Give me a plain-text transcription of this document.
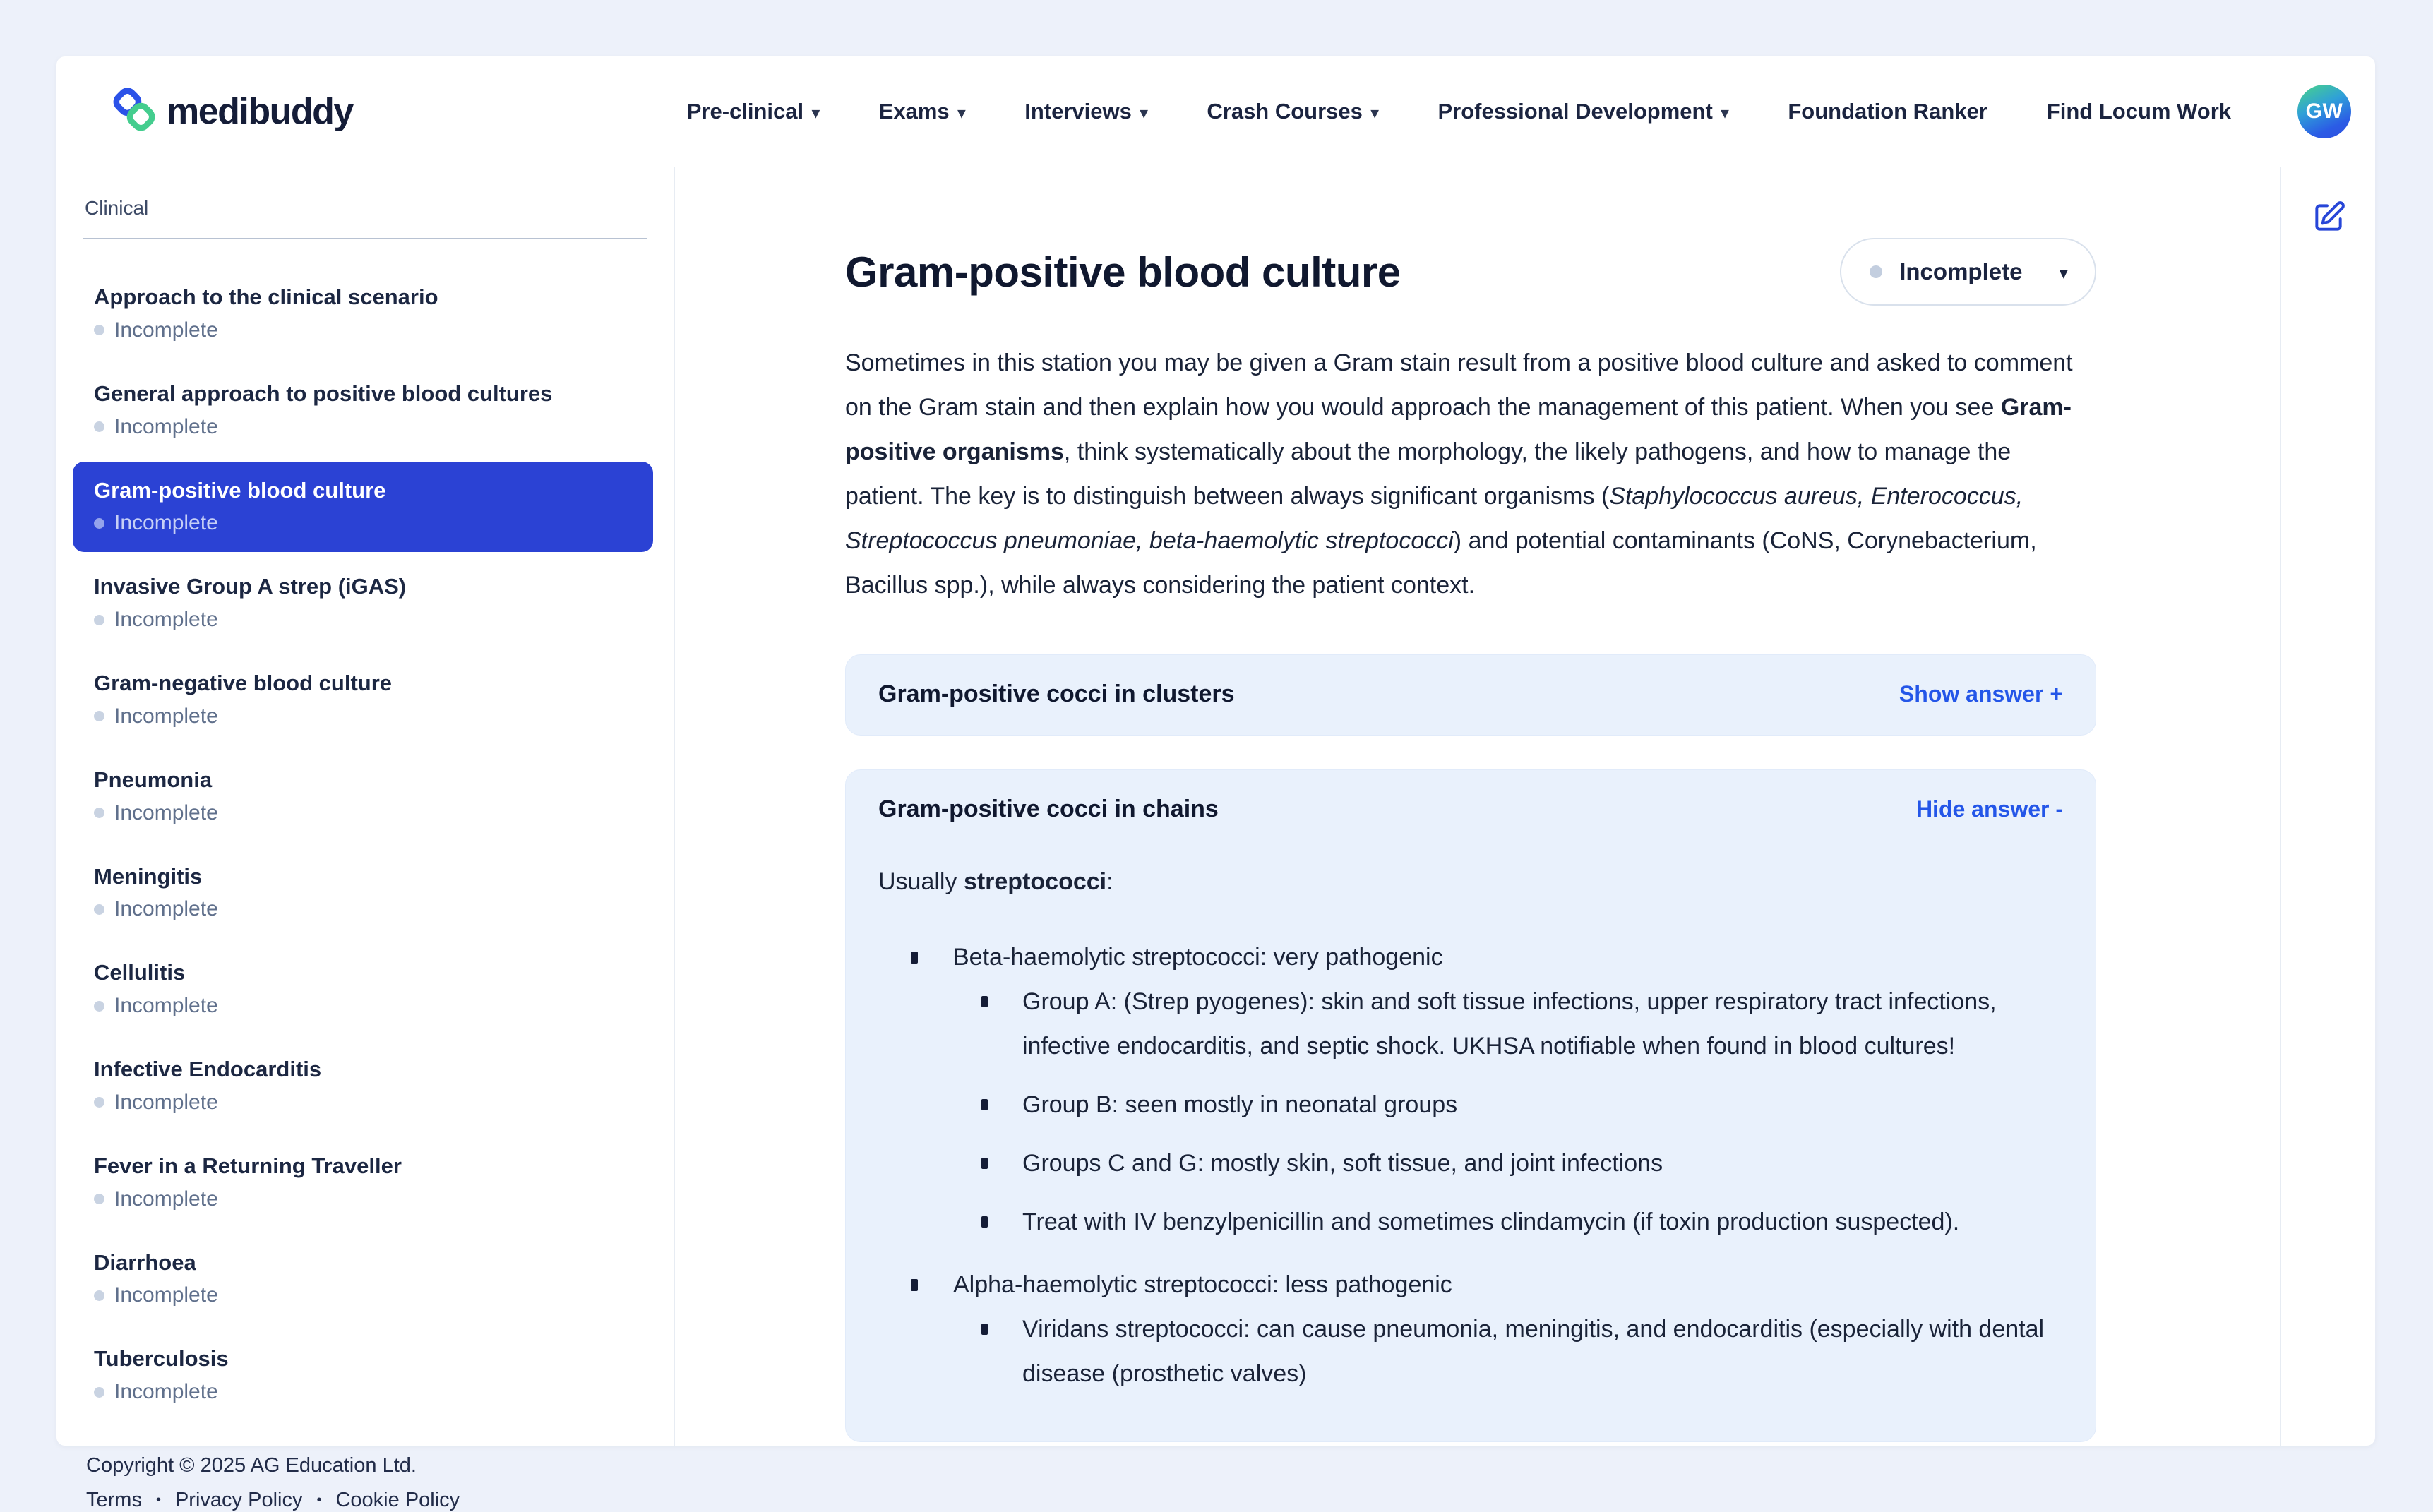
medibuddy	Pre-clinical ▾	Exams ▾	Interviews ▾	Crash Courses ▾	Professional Development ▾	Foundation Ranker	Find Locum Work	GW
Clinical
Approach to the clinical scenario
Incomplete
General approach to positive blood cultures
Incomplete
Gram-positive blood culture
Incomplete
Invasive Group A strep (iGAS)
Incomplete
Gram-negative blood culture
Incomplete
Pneumonia
Incomplete
Meningitis
Incomplete
Cellulitis
Incomplete
Infective Endocarditis
Incomplete
Fever in a Returning Traveller
Incomplete
Diarrhoea
Incomplete
Tuberculosis
Incomplete
Copyright © 2025 AG Education Ltd.
Terms • Privacy Policy • Cookie Policy
Gram-positive blood culture	Incomplete ▾

Sometimes in this station you may be given a Gram stain result from a positive blood culture and asked to comment on the Gram stain and then explain how you would approach the management of this patient. When you see Gram-positive organisms, think systematically about the morphology, the likely pathogens, and how to manage the patient. The key is to distinguish between always significant organisms (Staphylococcus aureus, Enterococcus, Streptococcus pneumoniae, beta-haemolytic streptococci) and potential contaminants (CoNS, Corynebacterium, Bacillus spp.), while always considering the patient context.

Gram-positive cocci in clusters	Show answer +
Gram-positive cocci in chains	Hide answer -

Usually streptococci:

Beta-haemolytic streptococci: very pathogenic
Group A: (Strep pyogenes): skin and soft tissue infections, upper respiratory tract infections, infective endocarditis, and septic shock. UKHSA notifiable when found in blood cultures!
Group B: seen mostly in neonatal groups
Groups C and G: mostly skin, soft tissue, and joint infections
Treat with IV benzylpenicillin and sometimes clindamycin (if toxin production suspected).
Alpha-haemolytic streptococci: less pathogenic
Viridans streptococci: can cause pneumonia, meningitis, and endocarditis (especially with dental disease (prosthetic valves)
